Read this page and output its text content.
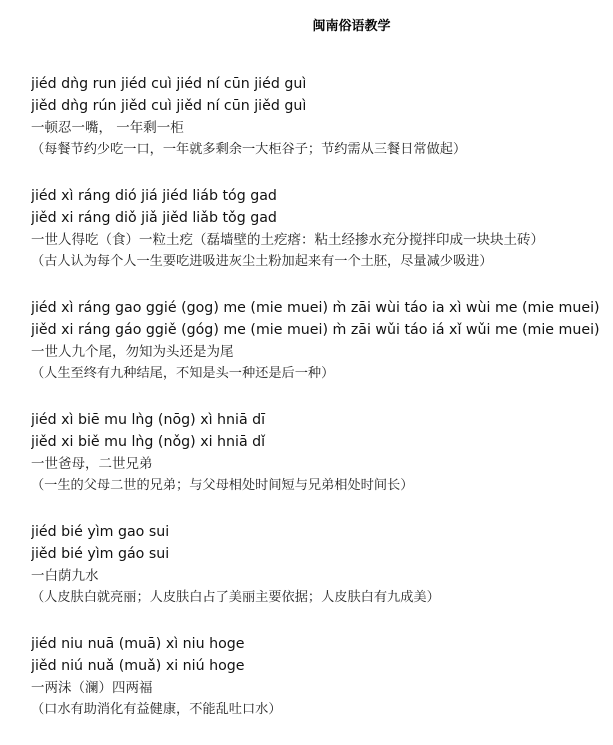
闽南俗语教学
jiéd dǹg run jiéd cuì jiéd ní cūn jiéd guì
jiěd dǹg rún jiěd cuì jiěd ní cūn jiěd guì
一顿忍一嘴， 一年剩一柜
（每餐节约少吃一口，一年就多剩余一大柜谷子；节约需从三餐日常做起）
jiéd xì ráng dió jiá jiéd liáb tóg gad
jiěd xi ráng diǒ jiǎ jiěd liǎb tǒg gad
一世人得吃（食）一粒土疙（磊墙壁的土疙瘩：粘土经掺水充分搅拌印成一块块土砖）
（古人认为每个人一生要吃进吸进灰尘土粉加起来有一个土胚，尽量减少吸进）
jiéd xì ráng gao ggié (gog) me (mie muei) m̀ zāi wùi táo ia xì wùi me (mie muei)
jiěd xi ráng gáo ggiě (góg) me (mie muei) m̀ zāi wǔi táo iá xǐ wǔi me (mie muei)
一世人九个尾，勿知为头还是为尾
（人生至终有九种结尾，不知是头一种还是后一种）
jiéd xì biē mu lǹg (nōg) xì hniā dī
jiěd xi biě mu lǹg (nǒg) xi hniā dǐ
一世爸母，二世兄弟
（一生的父母二世的兄弟；与父母相处时间短与兄弟相处时间长）
jiéd bié yìm gao sui
jiěd bié yìm gáo sui
一白荫九水
（人皮肤白就亮丽；人皮肤白占了美丽主要依据；人皮肤白有九成美）
jiéd niu nuā (muā) xì niu hoge
jiěd niú nuǎ (muǎ) xi niú hoge
一两沬（澜）四两福
（口水有助消化有益健康，不能乱吐口水）
